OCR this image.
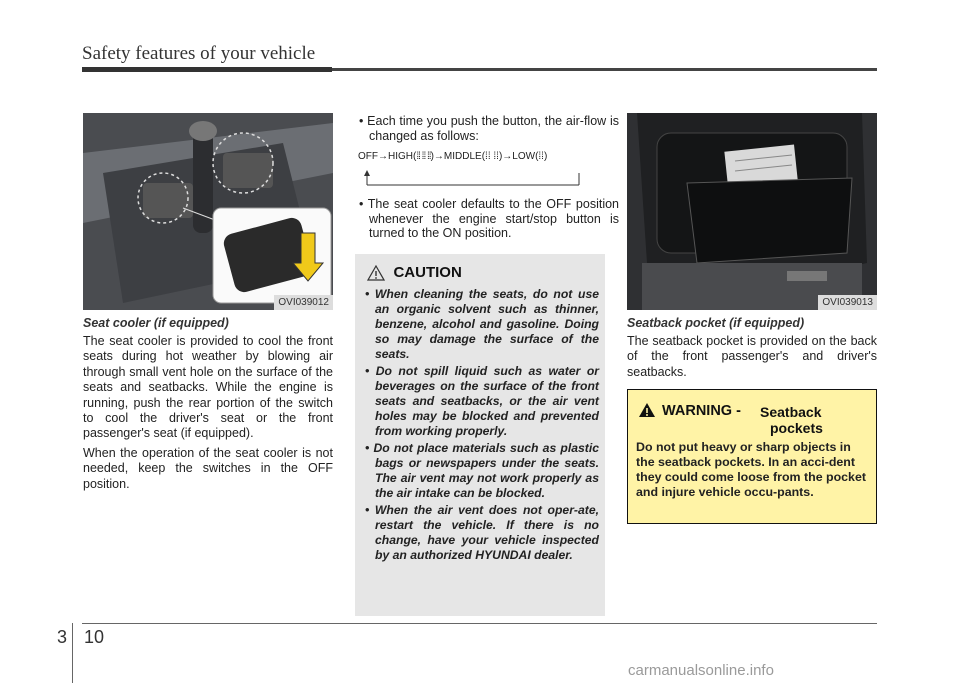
Safety features of your vehicle
OVI039012
Seat cooler (if equipped)

The seat cooler is provided to cool the front seats during hot weather by blowing air through small vent hole on the surface of the seats and seatbacks. While the engine is running, push the rear portion of the switch to cool the driver's seat or the front passenger's seat (if equipped).

When the operation of the seat cooler is not needed, keep the switches in the OFF position.

• Each time you push the button, the air-flow is changed as follows:
OFF→HIGH(⁞⁞ ⁞⁞ ⁞⁞)→MIDDLE(⁞⁞ ⁞⁞)→LOW(⁞⁞)
• The seat cooler defaults to the OFF position whenever the engine start/stop button is turned to the ON position.
CAUTION
• When cleaning the seats, do not use an organic solvent such as thinner, benzene, alcohol and gasoline. Doing so may damage the surface of the seats.
• Do not spill liquid such as water or beverages on the surface of the front seats and seatbacks, or the air vent holes may be blocked and prevented from working properly.
• Do not place materials such as plastic bags or newspapers under the seats. The air vent may not work properly as the air intake can be blocked.
• When the air vent does not oper-ate, restart the vehicle. If there is no change, have your vehicle inspected by an authorized HYUNDAI dealer.
OVI039013
Seatback pocket (if equipped)
The seatback pocket is provided on the back of the front passenger's and driver's seatbacks.
WARNING - Seatback
pockets
Do not put heavy or sharp objects in the seatback pockets. In an acci-dent they could come loose from the pocket and injure vehicle occu-pants.
3 10
carmanualsonline.info
